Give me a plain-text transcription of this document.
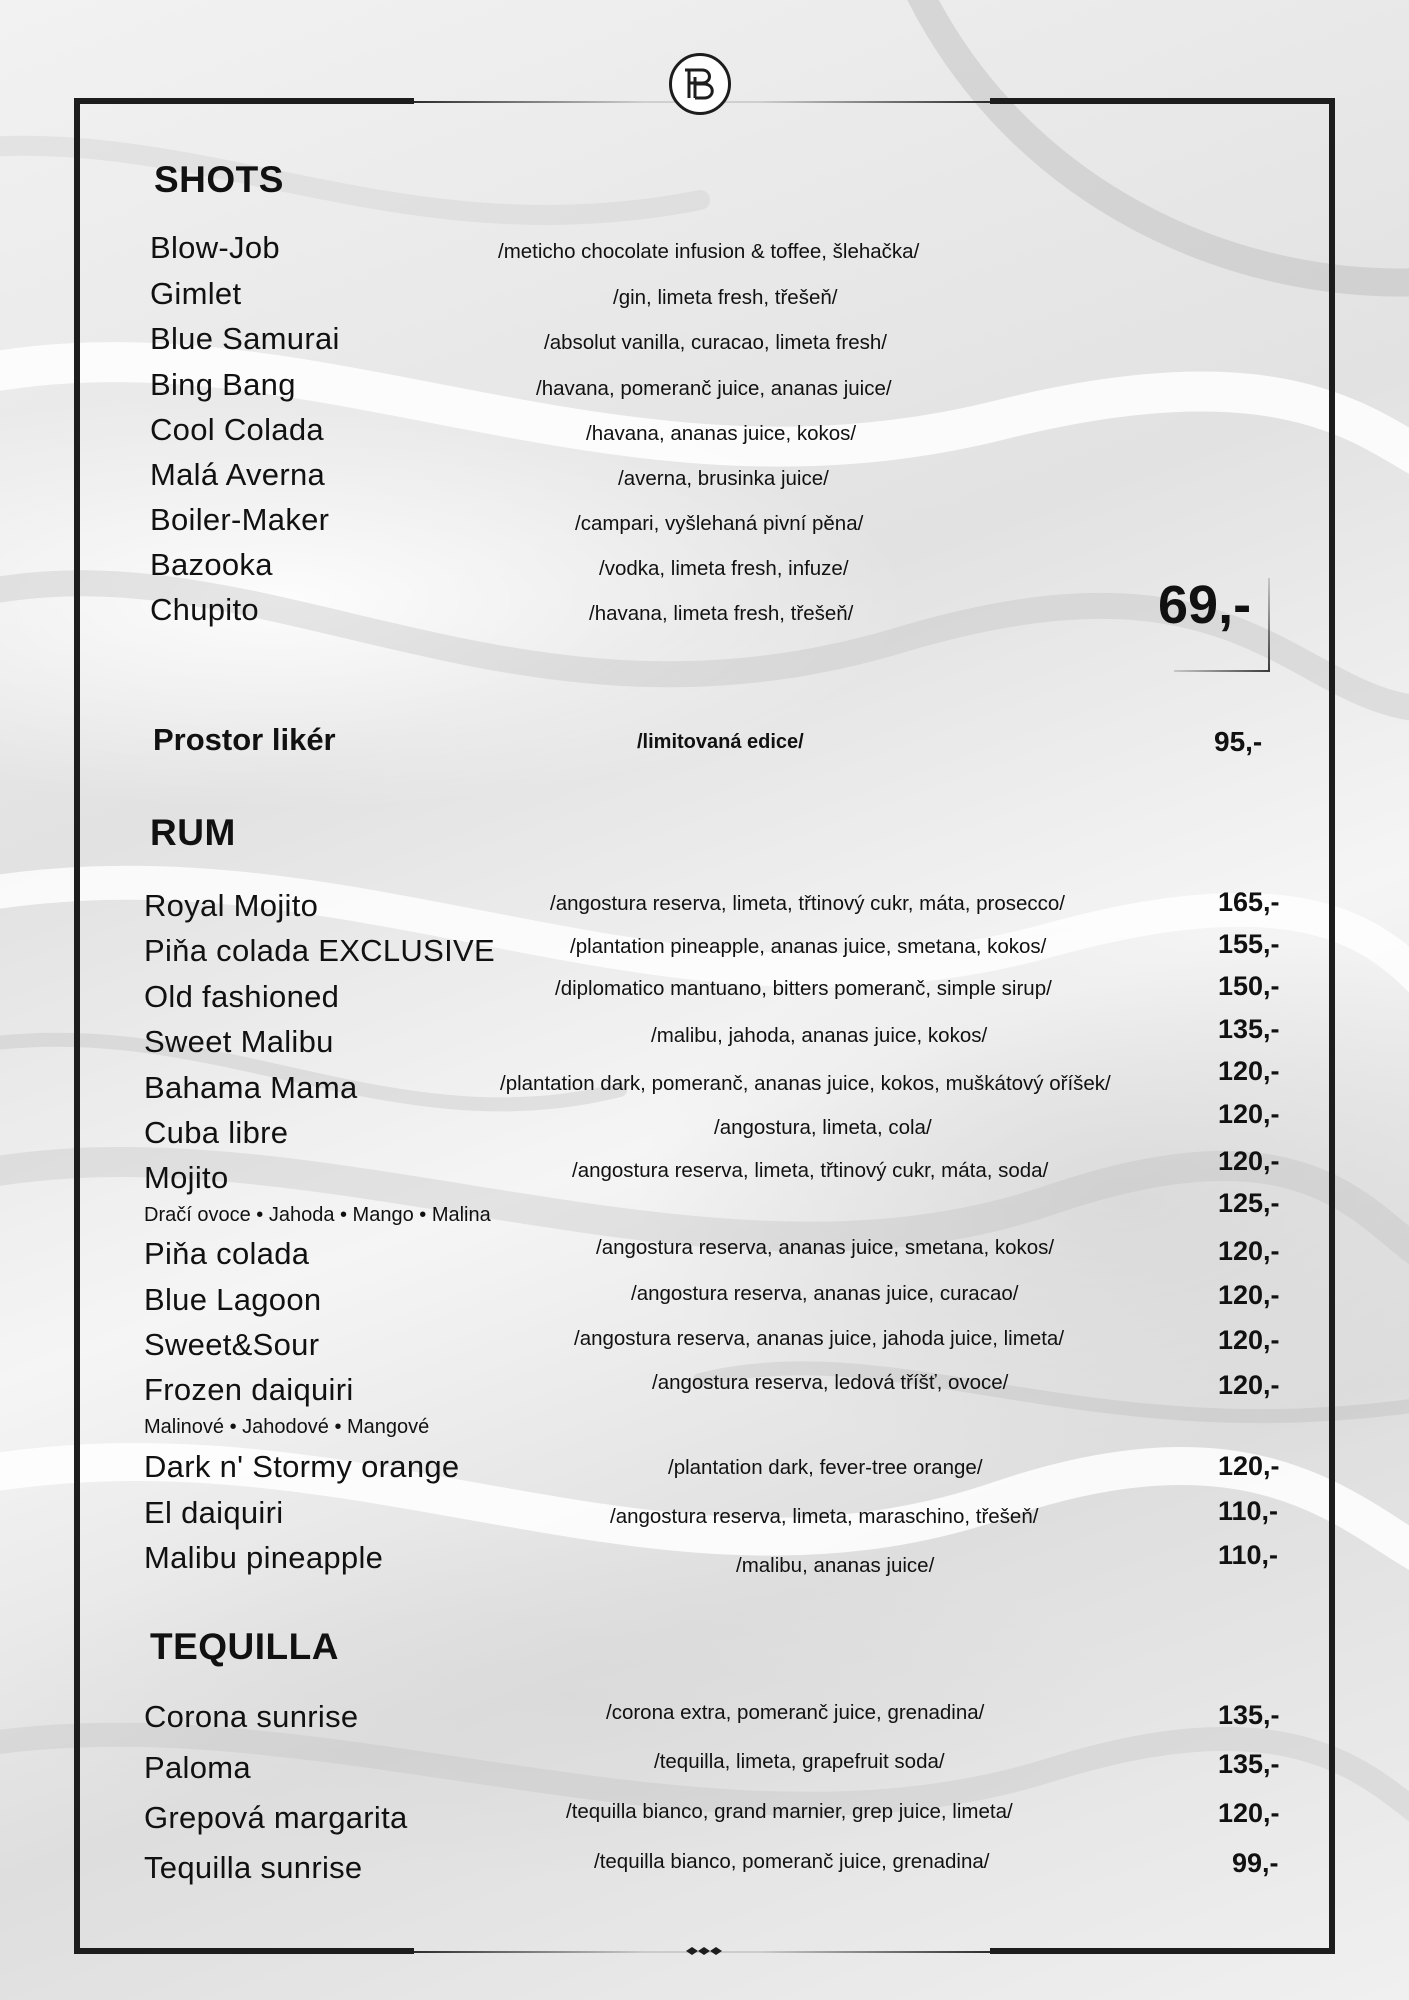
SHOTS
Blow-Job	/meticho chocolate infusion & toffee, šlehačka/
Gimlet	/gin, limeta fresh, třešeň/
Blue Samurai	/absolut vanilla, curacao, limeta fresh/
Bing Bang	/havana, pomeranč juice, ananas juice/
Cool Colada	/havana, ananas juice, kokos/
Malá Averna	/averna, brusinka juice/
Boiler-Maker	/campari, vyšlehaná pivní pěna/
Bazooka	/vodka, limeta fresh, infuze/
Chupito	/havana, limeta fresh, třešeň/	69,-
Prostor likér	/limitovaná edice/	95,-
RUM
Royal Mojito	/angostura reserva, limeta, třtinový cukr, máta, prosecco/	165,-
Piňa colada EXCLUSIVE	/plantation pineapple, ananas juice, smetana, kokos/	155,-
Old fashioned	/diplomatico mantuano, bitters pomeranč, simple sirup/	150,-
Sweet Malibu	/malibu, jahoda, ananas juice, kokos/	135,-
Bahama Mama	/plantation dark, pomeranč, ananas juice, kokos, muškátový oříšek/	120,-
Cuba libre	/angostura, limeta, cola/	120,-
Mojito	/angostura reserva, limeta, třtinový cukr, máta, soda/	120,-
Dračí ovoce • Jahoda • Mango • Malina	125,-
Piňa colada	/angostura reserva, ananas juice, smetana, kokos/	120,-
Blue Lagoon	/angostura reserva, ananas juice, curacao/	120,-
Sweet&Sour	/angostura reserva, ananas juice, jahoda juice, limeta/	120,-
Frozen daiquiri	/angostura reserva, ledová tříšť, ovoce/	120,-
Malinové • Jahodové • Mangové
Dark n' Stormy orange	/plantation dark, fever-tree orange/	120,-
El daiquiri	/angostura reserva, limeta, maraschino, třešeň/	110,-
Malibu pineapple	/malibu, ananas juice/	110,-
TEQUILLA
Corona sunrise	/corona extra, pomeranč juice, grenadina/	135,-
Paloma	/tequilla, limeta, grapefruit soda/	135,-
Grepová margarita	/tequilla bianco, grand marnier, grep juice, limeta/	120,-
Tequilla sunrise	/tequilla bianco, pomeranč juice, grenadina/	99,-
